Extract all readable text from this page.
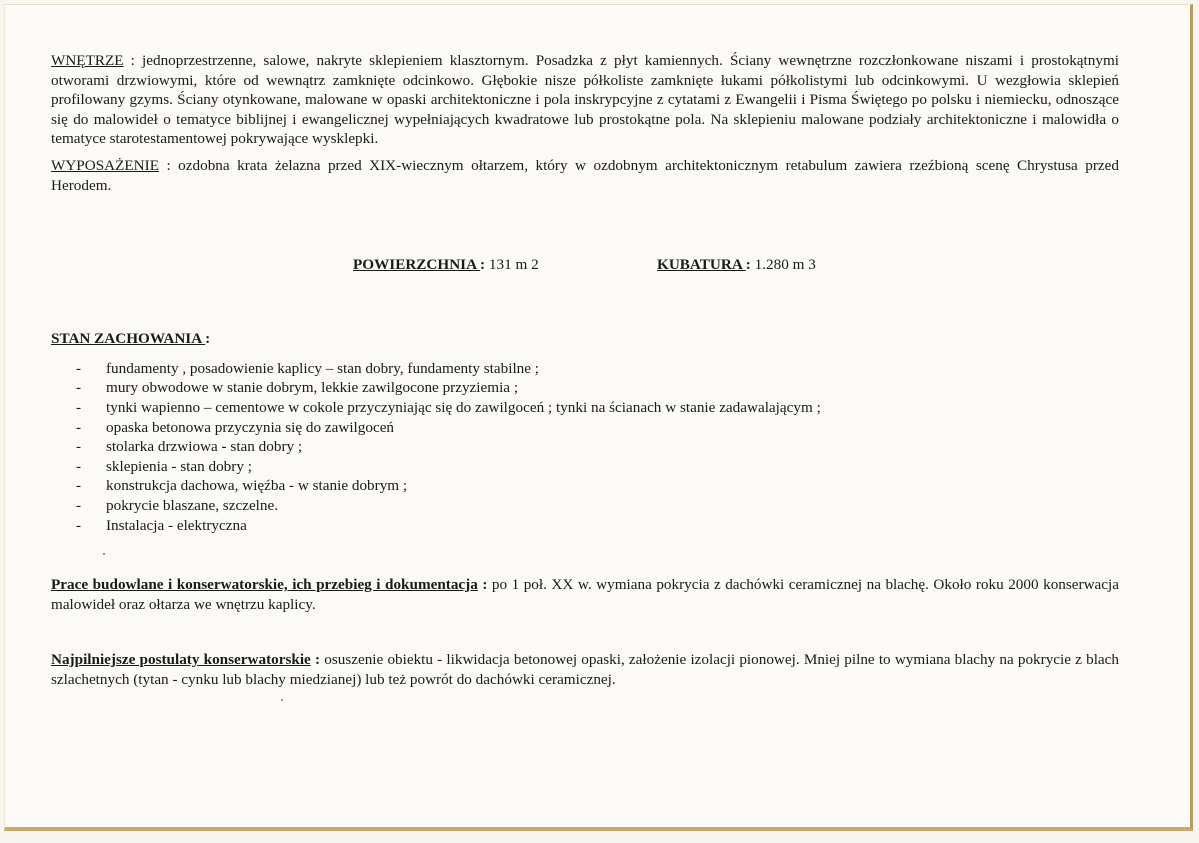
WNĘTRZE : jednoprzestrzenne, salowe, nakryte sklepieniem klasztornym. Posadzka z płyt kamiennych. Ściany wewnętrzne rozczłonkowane niszami i prostokątnymi otworami drzwiowymi, które od wewnątrz zamknięte odcinkowo. Głębokie nisze półkoliste zamknięte łukami półkolistymi lub odcinkowymi. U wezgłowia sklepień profilowany gzyms. Ściany otynkowane, malowane w opaski architektoniczne i pola inskrypcyjne z cytatami z Ewangelii i Pisma Świętego po polsku i niemiecku, odnoszące się do malowideł o tematyce biblijnej i ewangelicznej wypełniających kwadratowe lub prostokątne pola. Na sklepieniu malowane podziały architektoniczne i malowidła o tematyce starotestamentowej pokrywające wysklepki.

WYPOSAŻENIE : ozdobna krata żelazna przed XIX-wiecznym ołtarzem, który w ozdobnym architektonicznym retabulum zawiera rzeźbioną scenę Chrystusa przed Herodem.

POWIERZCHNIA : 131 m 2	KUBATURA : 1.280 m 3

STAN ZACHOWANIA :

- fundamenty , posadowienie kaplicy – stan dobry, fundamenty stabilne ;
- mury obwodowe w stanie dobrym, lekkie zawilgocone przyziemia ;
- tynki wapienno – cementowe w cokole przyczyniając się do zawilgoceń ; tynki na ścianach w stanie zadawalającym ;
- opaska betonowa przyczynia się do zawilgoceń
- stolarka drzwiowa - stan dobry ;
- sklepienia - stan dobry ;
- konstrukcja dachowa, więźba - w stanie dobrym ;
- pokrycie blaszane, szczelne.
- Instalacja - elektryczna

Prace budowlane i konserwatorskie, ich przebieg i dokumentacja : po 1 poł. XX w. wymiana pokrycia z dachówki ceramicznej na blachę. Około roku 2000 konserwacja malowideł oraz ołtarza we wnętrzu kaplicy.

Najpilniejsze postulaty konserwatorskie : osuszenie obiektu - likwidacja betonowej opaski, założenie izolacji pionowej. Mniej pilne to wymiana blachy na pokrycie z blach szlachetnych (tytan - cynku lub blachy miedzianej) lub też powrót do dachówki ceramicznej.
